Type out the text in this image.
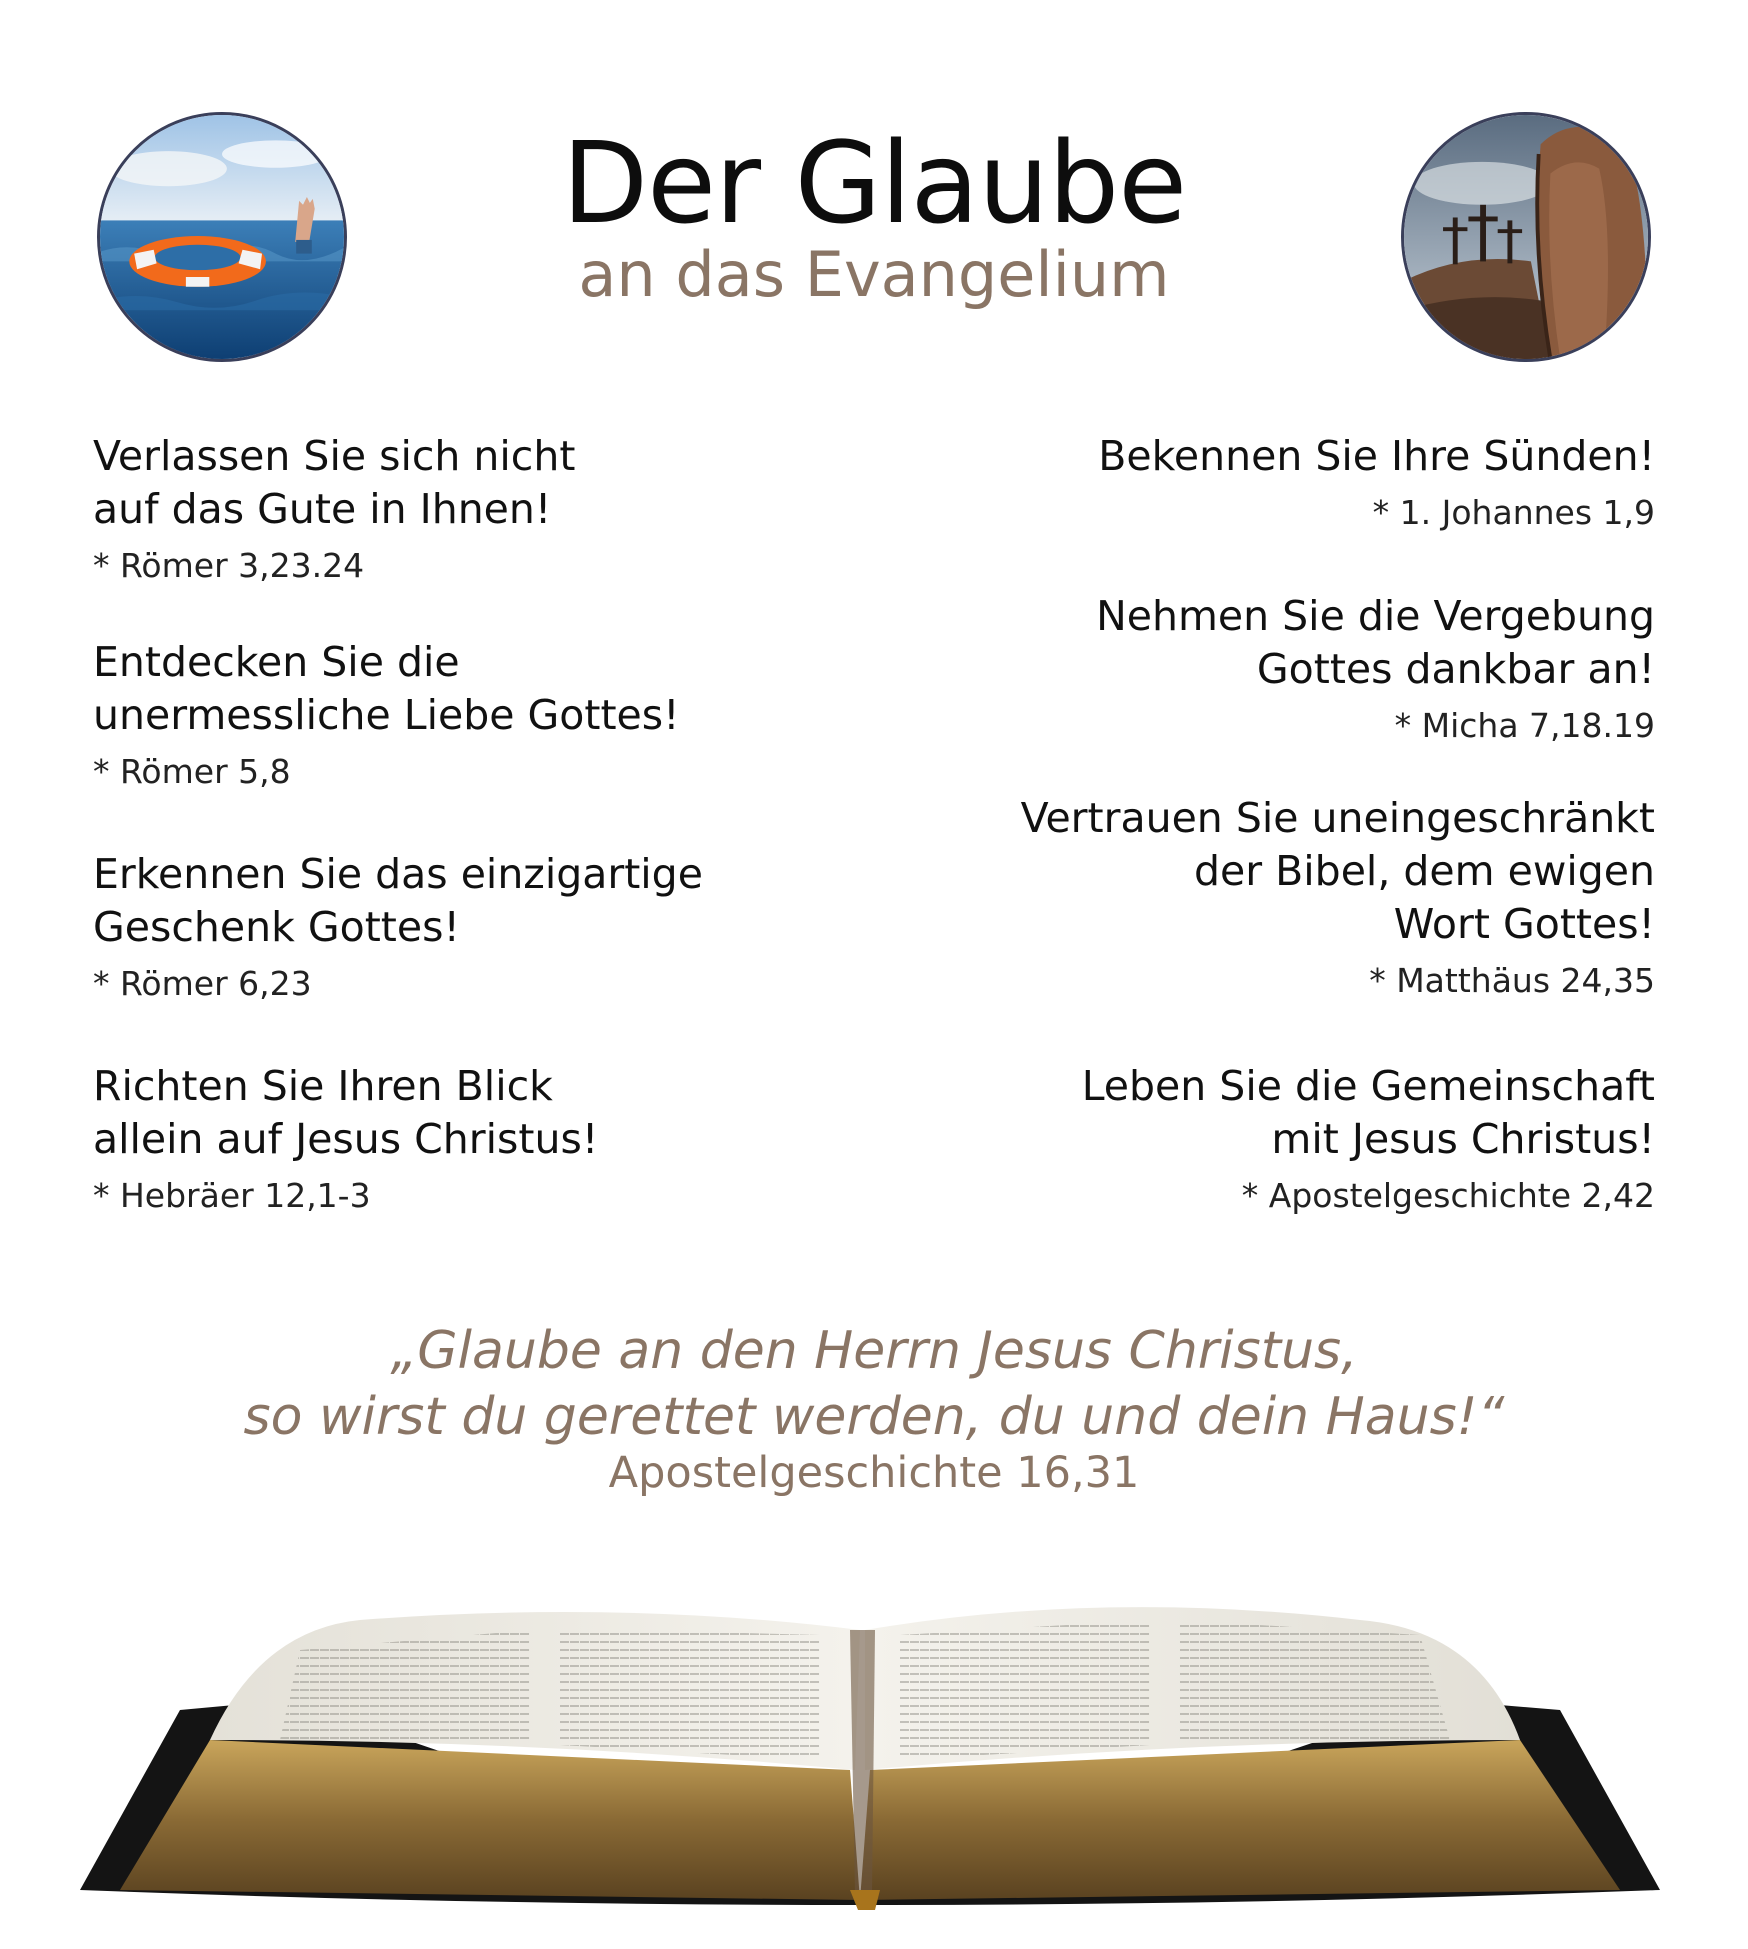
Der Glaube
an das Evangelium
Verlassen Sie sich nicht
auf das Gute in Ihnen!
* Römer 3,23.24
Entdecken Sie die
unermessliche Liebe Gottes!
* Römer 5,8
Erkennen Sie das einzigartige
Geschenk Gottes!
* Römer 6,23
Richten Sie Ihren Blick
allein auf Jesus Christus!
* Hebräer 12,1-3
Bekennen Sie Ihre Sünden!
* 1. Johannes 1,9
Nehmen Sie die Vergebung
Gottes dankbar an!
* Micha 7,18.19
Vertrauen Sie uneingeschränkt
der Bibel, dem ewigen
Wort Gottes!
* Matthäus 24,35
Leben Sie die Gemeinschaft
mit Jesus Christus!
* Apostelgeschichte 2,42
„Glaube an den Herrn Jesus Christus,
so wirst du gerettet werden, du und dein Haus!“
Apostelgeschichte 16,31
